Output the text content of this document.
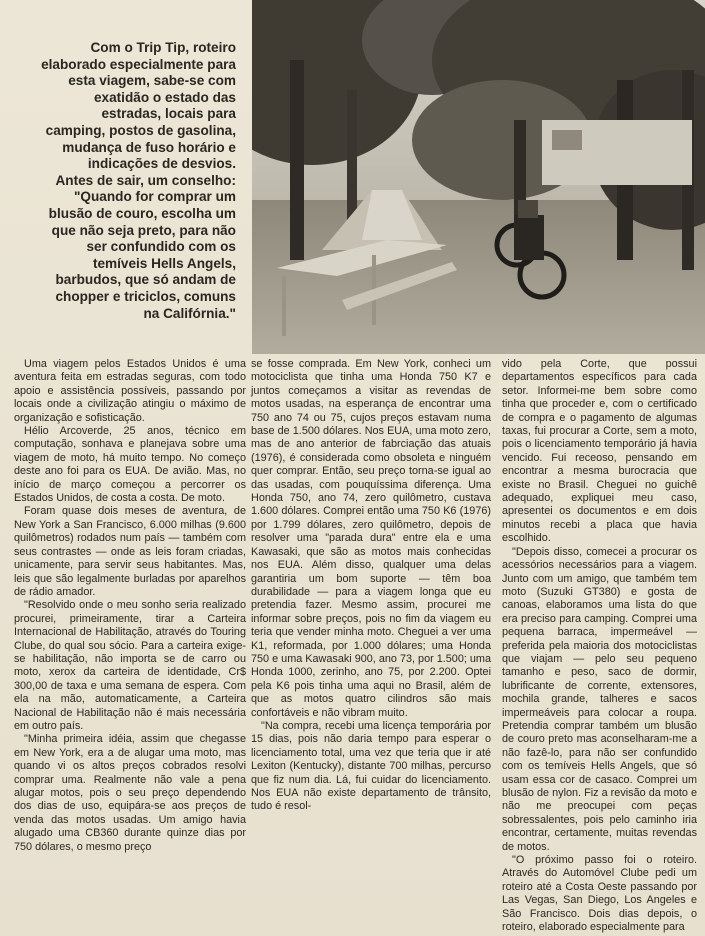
Com o Trip Tip, roteiro elaborado especialmente para esta viagem, sabe-se com exatidão o estado das estradas, locais para camping, postos de gasolina, mudança de fuso horário e indicações de desvios.

Antes de sair, um conselho: "Quando for comprar um blusão de couro, escolha um que não seja preto, para não ser confundido com os temíveis Hells Angels, barbudos, que só andam de chopper e triciclos, comuns na Califórnia."

Uma viagem pelos Estados Unidos é uma aventura feita em estradas seguras, com todo apoio e assistência possíveis, passando por locais onde a civilização atingiu o máximo de organização e sofisticação.

Hélio Arcoverde, 25 anos, técnico em computação, sonhava e planejava sobre uma viagem de moto, há muito tempo. No começo deste ano foi para os EUA. De avião. Mas, no início de março começou a percorrer os Estados Unidos, de costa a costa. De moto.

Foram quase dois meses de aventura, de New York a San Francisco, 6.000 milhas (9.600 quilômetros) rodados num país — também com seus contrastes — onde as leis foram criadas, unicamente, para servir seus habitantes. Mas, leis que são legalmente burladas por aparelhos de rádio amador.

"Resolvido onde o meu sonho seria realizado procurei, primeiramente, tirar a Carteira Internacional de Habilitação, através do Touring Clube, do qual sou sócio. Para a carteira exige-se habilitação, não importa se de carro ou moto, xerox da carteira de identidade, Cr$ 300,00 de taxa e uma semana de espera. Com ela na mão, automaticamente, a Carteira Nacional de Habilitação não é mais necessária em outro país.

"Minha primeira idéia, assim que chegasse em New York, era a de alugar uma moto, mas quando vi os altos preços cobrados resolvi comprar uma. Realmente não vale a pena alugar motos, pois o seu preço dependendo dos dias de uso, equipára-se aos preços de venda das motos usadas. Um amigo havia alugado uma CB360 durante quinze dias por 750 dólares, o mesmo preço

se fosse comprada. Em New York, conheci um motociclista que tinha uma Honda 750 K7 e juntos começamos a visitar as revendas de motos usadas, na esperança de encontrar uma 750 ano 74 ou 75, cujos preços estavam numa base de 1.500 dólares. Nos EUA, uma moto zero, mas de ano anterior de fabrciação das atuais (1976), é considerada como obsoleta e ninguém quer comprar. Então, seu preço torna-se igual ao das usadas, com pouquíssima diferença. Uma Honda 750, ano 74, zero quilômetro, custava 1.600 dólares. Comprei então uma 750 K6 (1976) por 1.799 dólares, zero quilômetro, depois de resolver uma "parada dura" entre ela e uma Kawasaki, que são as motos mais conhecidas nos EUA. Além disso, qualquer uma delas garantiria um bom suporte — têm boa durabilidade — para a viagem longa que eu pretendia fazer. Mesmo assim, procurei me informar sobre preços, pois no fim da viagem eu teria que vender minha moto. Cheguei a ver uma K1, reformada, por 1.000 dólares; uma Honda 750 e uma Kawasaki 900, ano 73, por 1.500; uma Honda 1000, zerinho, ano 75, por 2.200. Optei pela K6 pois tinha uma aqui no Brasil, além de que as motos quatro cilindros são mais confortáveis e não vibram muito.

"Na compra, recebi uma licença temporária por 15 dias, pois não daria tempo para esperar o licenciamento total, uma vez que teria que ir até Lexiton (Kentucky), distante 700 milhas, percurso que fiz num dia. Lá, fui cuidar do licenciamento. Nos EUA não existe departamento de trânsito, tudo é resol-

vido pela Corte, que possui departamentos específicos para cada setor. Informei-me bem sobre como tinha que proceder e, com o certificado de compra e o pagamento de algumas taxas, fui procurar a Corte, sem a moto, pois o licenciamento temporário já havia vencido. Fui receoso, pensando em encontrar a mesma burocracia que existe no Brasil. Cheguei no guichê adequado, expliquei meu caso, apresentei os documentos e em dois minutos recebi a placa que havia escolhido.

"Depois disso, comecei a procurar os acessórios necessários para a viagem. Junto com um amigo, que também tem moto (Suzuki GT380) e gosta de canoas, elaboramos uma lista do que era preciso para camping. Comprei uma pequena barraca, impermeável — preferida pela maioria dos motociclistas que viajam — pelo seu pequeno tamanho e peso, saco de dormir, lubrificante de corrente, extensores, mochila grande, talheres e sacos impermeáveis para colocar a roupa. Pretendia comprar também um blusão de couro preto mas aconselharam-me a não fazê-lo, para não ser confundido com os temíveis Hells Angels, que só usam essa cor de casaco. Comprei um blusão de nylon. Fiz a revisão da moto e não me preocupei com peças sobressalentes, pois pelo caminho iria encontrar, certamente, muitas revendas de motos.

"O próximo passo foi o roteiro. Através do Automóvel Clube pedi um roteiro até a Costa Oeste passando por Las Vegas, San Diego, Los Angeles e São Francisco. Dois dias depois, o roteiro, elaborado especialmente para
